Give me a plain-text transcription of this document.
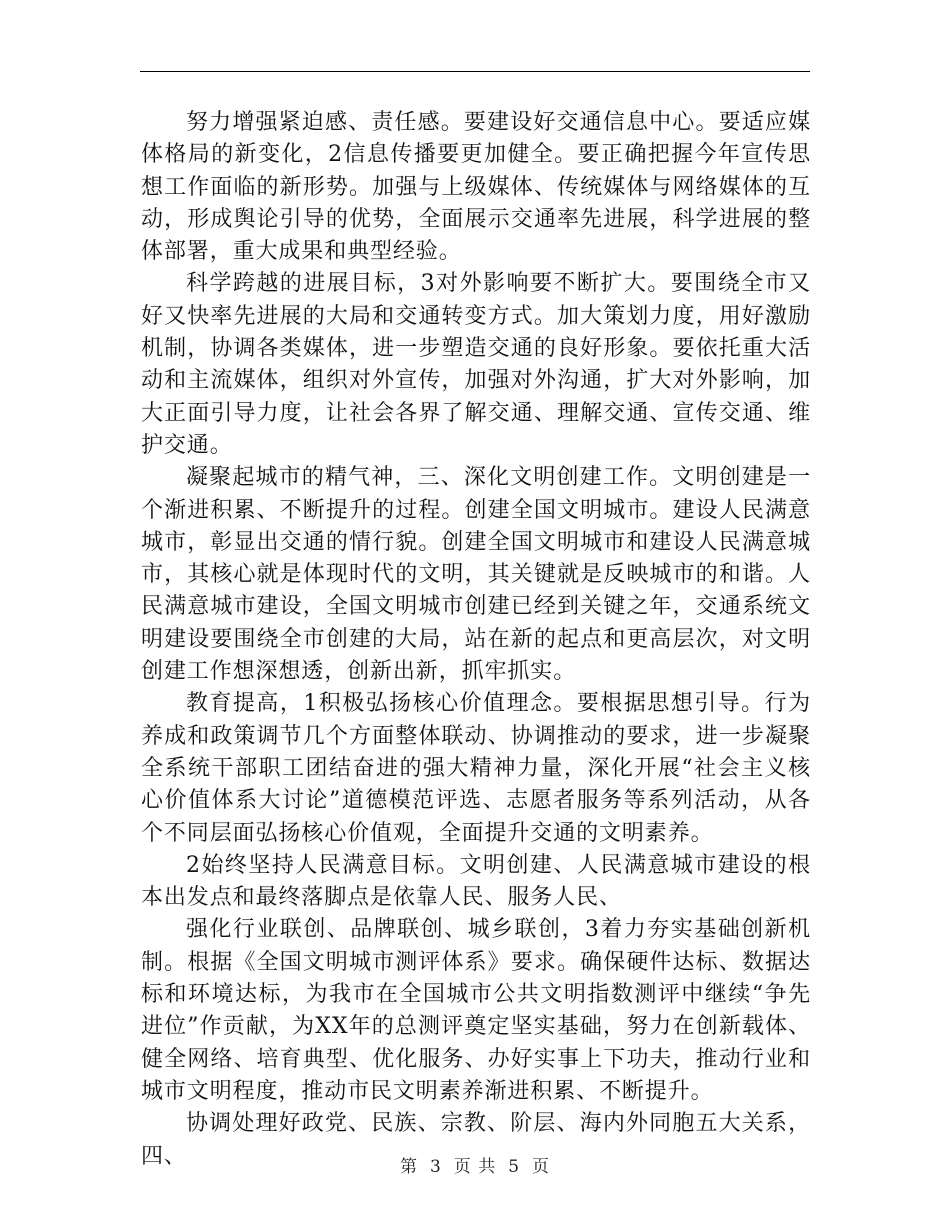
努力增强紧迫感、责任感。要建设好交通信息中心。要适应媒体格局的新变化，2信息传播要更加健全。要正确把握今年宣传思想工作面临的新形势。加强与上级媒体、传统媒体与网络媒体的互动，形成舆论引导的优势，全面展示交通率先进展，科学进展的整体部署，重大成果和典型经验。

科学跨越的进展目标，3对外影响要不断扩大。要围绕全市又好又快率先进展的大局和交通转变方式。加大策划力度，用好激励机制，协调各类媒体，进一步塑造交通的良好形象。要依托重大活动和主流媒体，组织对外宣传，加强对外沟通，扩大对外影响，加大正面引导力度，让社会各界了解交通、理解交通、宣传交通、维护交通。

凝聚起城市的精气神，三、深化文明创建工作。文明创建是一个渐进积累、不断提升的过程。创建全国文明城市。建设人民满意城市，彰显出交通的情行貌。创建全国文明城市和建设人民满意城市，其核心就是体现时代的文明，其关键就是反映城市的和谐。人民满意城市建设，全国文明城市创建已经到关键之年，交通系统文明建设要围绕全市创建的大局，站在新的起点和更高层次，对文明创建工作想深想透，创新出新，抓牢抓实。

教育提高，1积极弘扬核心价值理念。要根据思想引导。行为养成和政策调节几个方面整体联动、协调推动的要求，进一步凝聚全系统干部职工团结奋进的强大精神力量，深化开展“社会主义核心价值体系大讨论”道德模范评选、志愿者服务等系列活动，从各个不同层面弘扬核心价值观，全面提升交通的文明素养。

2始终坚持人民满意目标。文明创建、人民满意城市建设的根本出发点和最终落脚点是依靠人民、服务人民、

强化行业联创、品牌联创、城乡联创，3着力夯实基础创新机制。根据《全国文明城市测评体系》要求。确保硬件达标、数据达标和环境达标，为我市在全国城市公共文明指数测评中继续“争先进位”作贡献，为XX年的总测评奠定坚实基础，努力在创新载体、健全网络、培育典型、优化服务、办好实事上下功夫，推动行业和城市文明程度，推动市民文明素养渐进积累、不断提升。

协调处理好政党、民族、宗教、阶层、海内外同胞五大关系，四、	第 3 页 共 5 页
